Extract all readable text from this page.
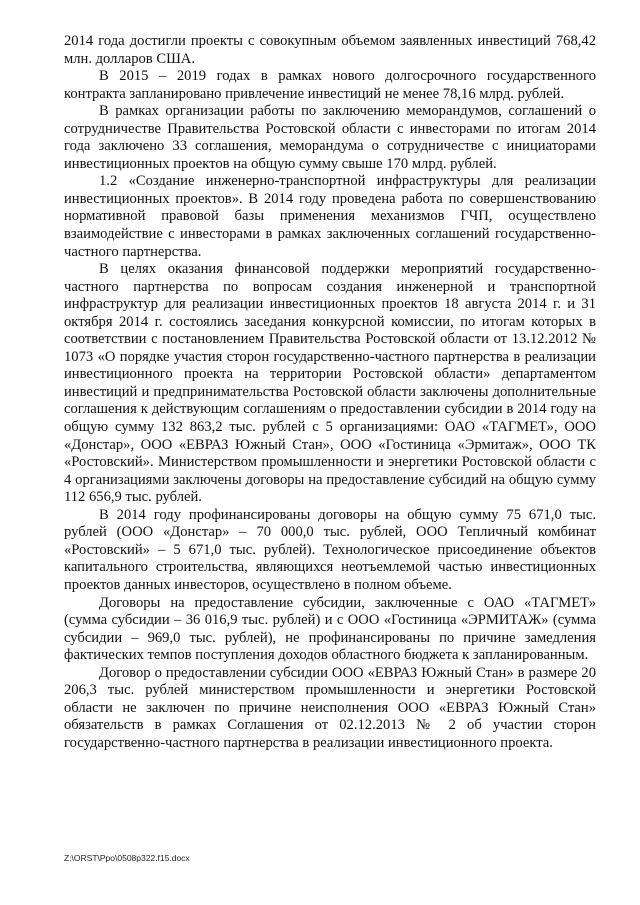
2014 года достигли проекты с совокупным объемом заявленных инвестиций 768,42 млн. долларов США.

В 2015 – 2019 годах в рамках нового долгосрочного государственного контракта запланировано привлечение инвестиций не менее 78,16 млрд. рублей.

В рамках организации работы по заключению меморандумов, соглашений о сотрудничестве Правительства Ростовской области с инвесторами по итогам 2014 года заключено 33 соглашения, меморандума о сотрудничестве с инициаторами инвестиционных проектов на общую сумму свыше 170 млрд. рублей.

1.2 «Создание инженерно-транспортной инфраструктуры для реализации инвестиционных проектов». В 2014 году проведена работа по совершенствованию нормативной правовой базы применения механизмов ГЧП, осуществлено взаимодействие с инвесторами в рамках заключенных соглашений государственно-частного партнерства.

В целях оказания финансовой поддержки мероприятий государственно-частного партнерства по вопросам создания инженерной и транспортной инфраструктур для реализации инвестиционных проектов 18 августа 2014 г. и 31 октября 2014 г. состоялись заседания конкурсной комиссии, по итогам которых в соответствии с постановлением Правительства Ростовской области от 13.12.2012 № 1073 «О порядке участия сторон государственно-частного партнерства в реализации инвестиционного проекта на территории Ростовской области» департаментом инвестиций и предпринимательства Ростовской области заключены дополнительные соглашения к действующим соглашениям о предоставлении субсидии в 2014 году на общую сумму 132 863,2 тыс. рублей с 5 организациями: ОАО «ТАГМЕТ», ООО «Донстар», ООО «ЕВРАЗ Южный Стан», ООО «Гостиница «Эрмитаж», ООО ТК «Ростовский». Министерством промышленности и энергетики Ростовской области с 4 организациями заключены договоры на предоставление субсидий на общую сумму 112 656,9 тыс. рублей.

В 2014 году профинансированы договоры на общую сумму 75 671,0 тыс. рублей (ООО «Донстар» – 70 000,0 тыс. рублей, ООО Тепличный комбинат «Ростовский» – 5 671,0 тыс. рублей). Технологическое присоединение объектов капитального строительства, являющихся неотъемлемой частью инвестиционных проектов данных инвесторов, осуществлено в полном объеме.

Договоры на предоставление субсидии, заключенные с ОАО «ТАГМЕТ» (сумма субсидии – 36 016,9 тыс. рублей) и с ООО «Гостиница «ЭРМИТАЖ» (сумма субсидии – 969,0 тыс. рублей), не профинансированы по причине замедления фактических темпов поступления доходов областного бюджета к запланированным.

Договор о предоставлении субсидии ООО «ЕВРАЗ Южный Стан» в размере 20 206,3 тыс. рублей министерством промышленности и энергетики Ростовской области не заключен по причине неисполнения ООО «ЕВРАЗ Южный Стан» обязательств в рамках Соглашения от 02.12.2013 № 2 об участии сторон государственно-частного партнерства в реализации инвестиционного проекта.

Z:\ORST\Ppo\0508p322.f15.docx
